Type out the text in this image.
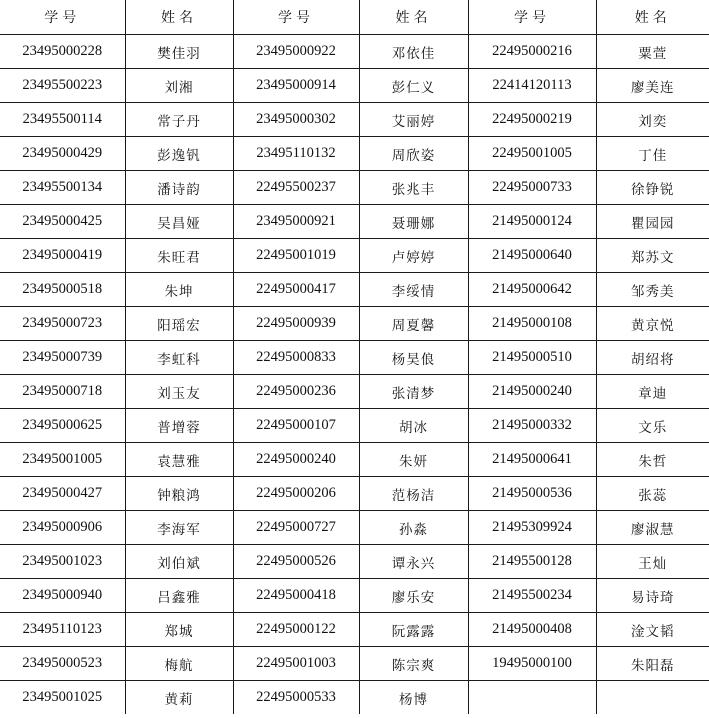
学号	姓名	学号	姓名	学号	姓名
23495000228	樊佳羽	23495000922	邓依佳	22495000216	粟萱
23495500223	刘湘	23495000914	彭仁义	22414120113	廖美连
23495500114	常子丹	23495000302	艾丽婷	22495000219	刘奕
23495000429	彭逸钒	23495110132	周欣姿	22495001005	丁佳
23495500134	潘诗韵	22495500237	张兆丰	22495000733	徐铮锐
23495000425	吴昌娅	23495000921	聂珊娜	21495000124	瞿园园
23495000419	朱旺君	22495001019	卢婷婷	21495000640	郑苏文
23495000518	朱坤	22495000417	李绥情	21495000642	邹秀美
23495000723	阳瑶宏	22495000939	周夏馨	21495000108	黄京悦
23495000739	李虹科	22495000833	杨昊俍	21495000510	胡绍将
23495000718	刘玉友	22495000236	张清梦	21495000240	章迪
23495000625	普增蓉	22495000107	胡冰	21495000332	文乐
23495001005	袁慧雅	22495000240	朱妍	21495000641	朱哲
23495000427	钟粮鸿	22495000206	范杨洁	21495000536	张蕊
23495000906	李海军	22495000727	孙淼	21495309924	廖淑慧
23495001023	刘伯斌	22495000526	谭永兴	21495500128	王灿
23495000940	吕鑫雅	22495000418	廖乐安	21495500234	易诗琦
23495110123	郑城	22495000122	阮露露	21495000408	淦文韬
23495000523	梅航	22495001003	陈宗爽	19495000100	朱阳磊
23495001025	黄莉	22495000533	杨博		
